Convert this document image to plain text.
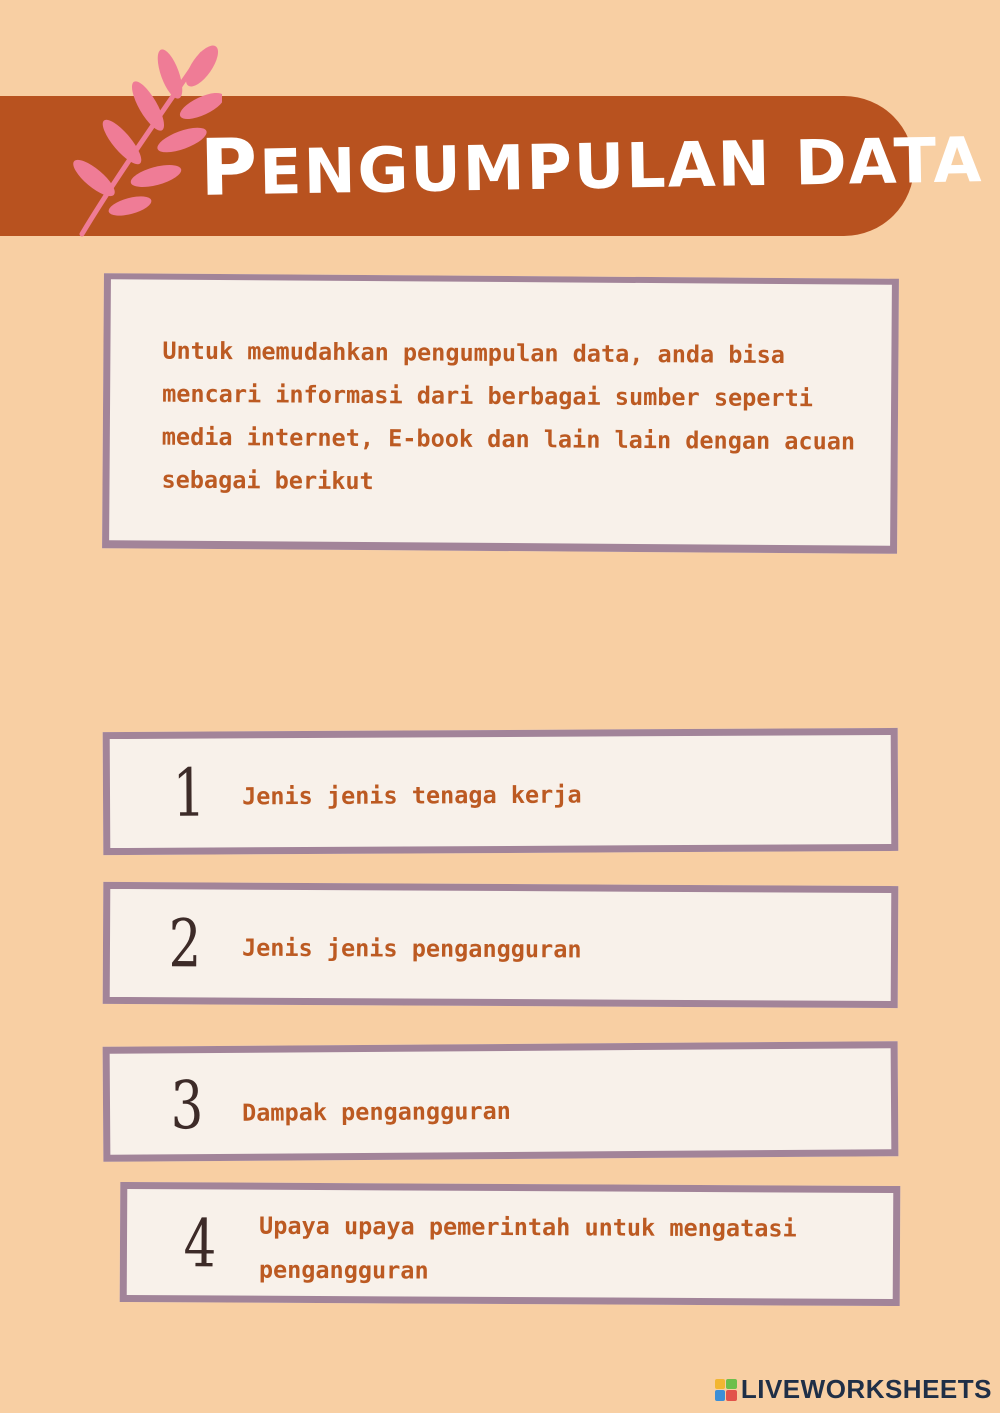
PENGUMPULAN DATA

Untuk memudahkan pengumpulan data, anda bisa mencari informasi dari berbagai sumber seperti media internet, E-book dan lain lain dengan acuan sebagai berikut

1 Jenis jenis tenaga kerja

2 Jenis jenis pengangguran

3 Dampak pengangguran

4 Upaya upaya pemerintah untuk mengatasi pengangguran

LIVEWORKSHEETS
